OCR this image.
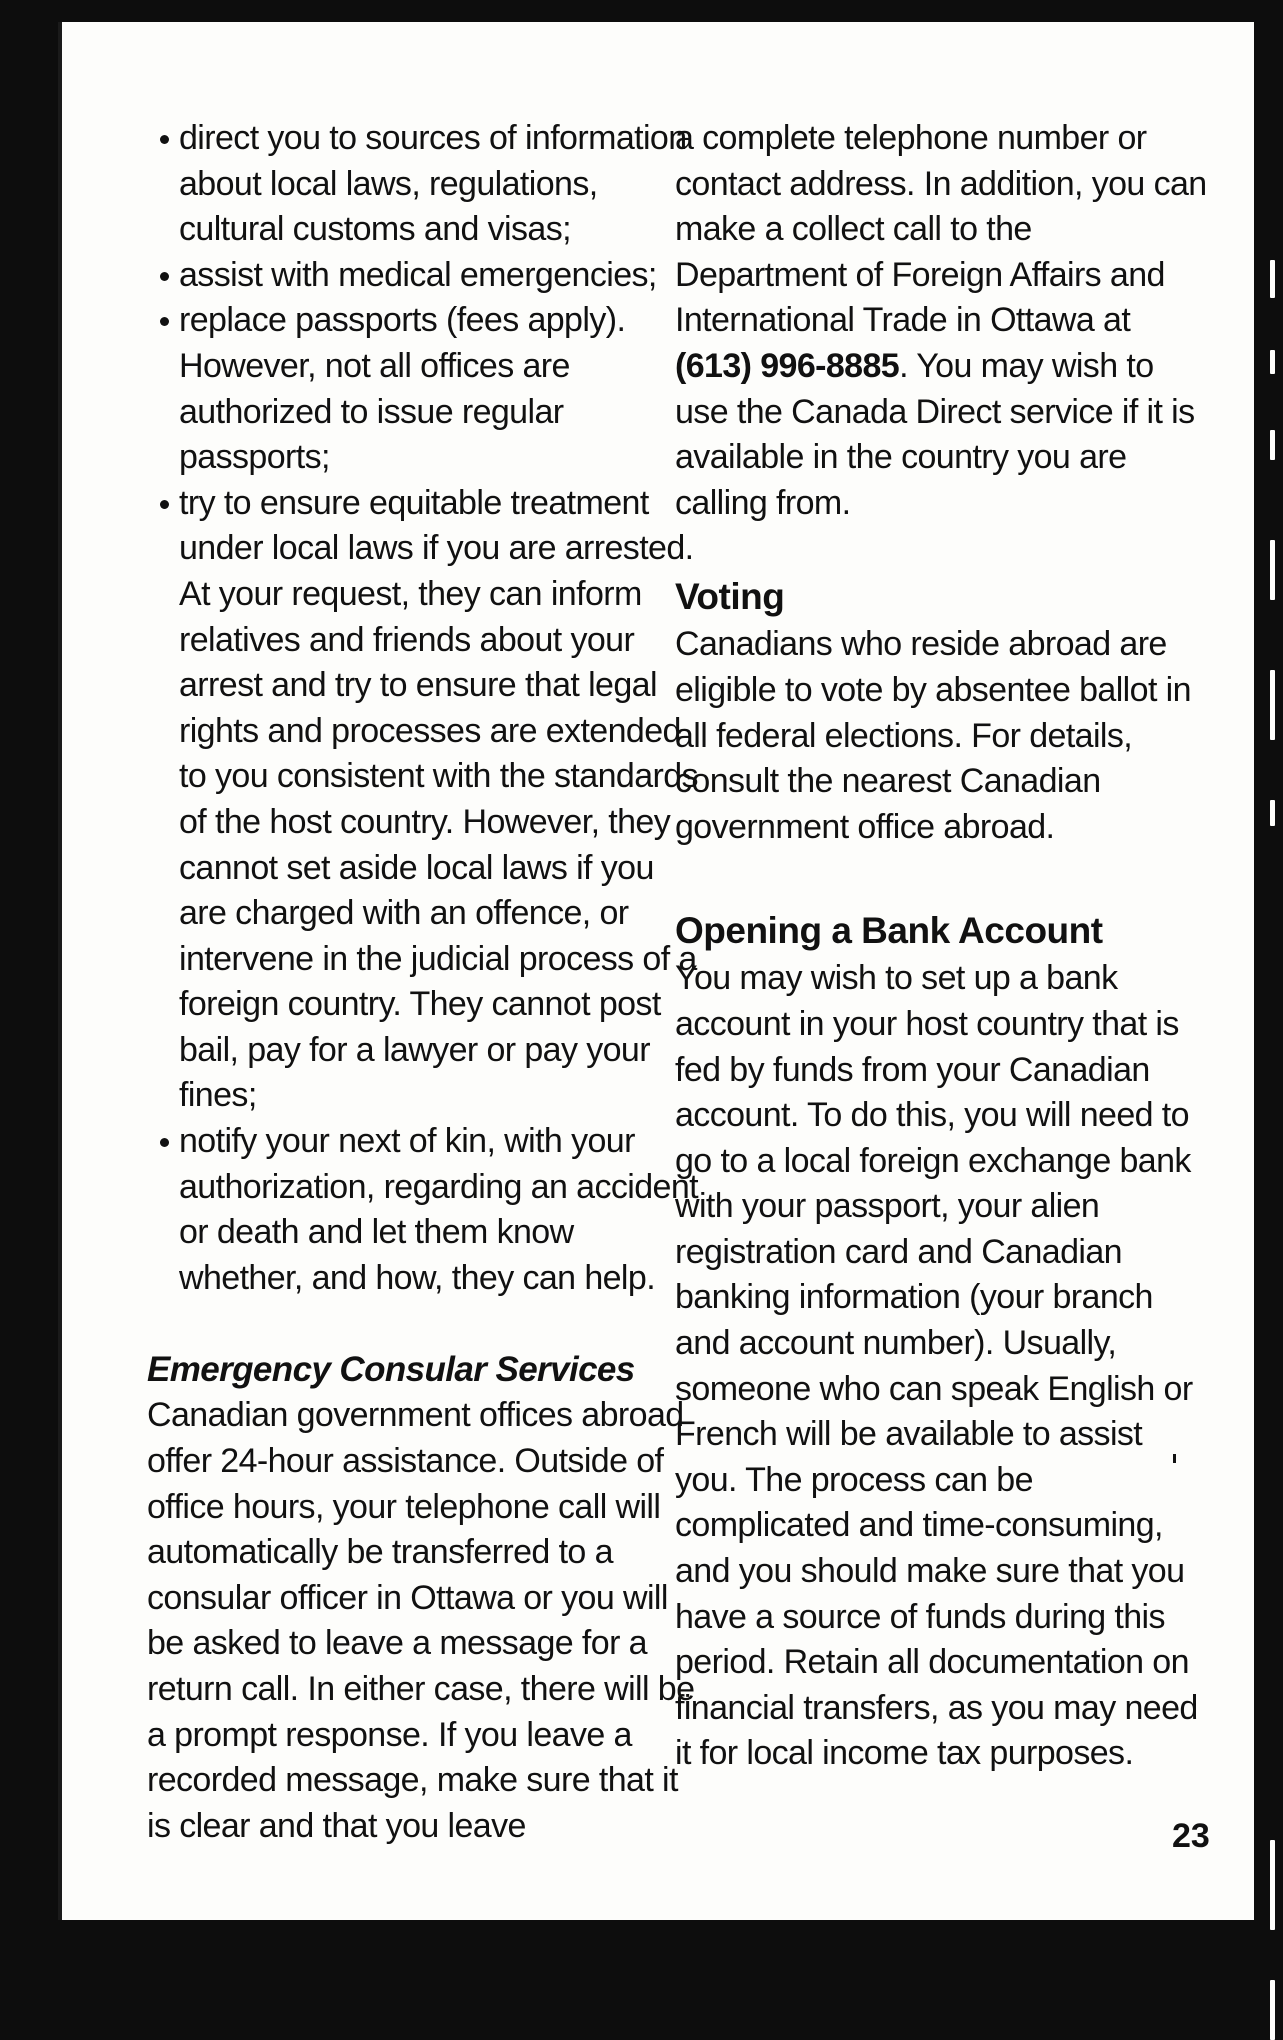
direct you to sources of information about local laws, regulations, cultural customs and visas;
assist with medical emergencies;
replace passports (fees apply). However, not all offices are authorized to issue regular passports;
try to ensure equitable treatment under local laws if you are arrested. At your request, they can inform relatives and friends about your arrest and try to ensure that legal rights and processes are extended to you consistent with the standards of the host country. However, they cannot set aside local laws if you are charged with an offence, or intervene in the judicial process of a foreign country. They cannot post bail, pay for a lawyer or pay your fines;
notify your next of kin, with your authorization, regarding an accident or death and let them know whether, and how, they can help.
Emergency Consular Services

Canadian government offices abroad offer 24-hour assistance. Outside of office hours, your telephone call will automatically be transferred to a consular officer in Ottawa or you will be asked to leave a message for a return call. In either case, there will be a prompt response. If you leave a recorded message, make sure that it is clear and that you leave

a complete telephone number or contact address. In addition, you can make a collect call to the Department of Foreign Affairs and International Trade in Ottawa at (613) 996-8885. You may wish to use the Canada Direct service if it is available in the country you are calling from.

Voting

Canadians who reside abroad are eligible to vote by absentee ballot in all federal elections. For details, consult the nearest Canadian government office abroad.

Opening a Bank Account

You may wish to set up a bank account in your host country that is fed by funds from your Canadian account. To do this, you will need to go to a local foreign exchange bank with your passport, your alien registration card and Canadian banking information (your branch and account number). Usually, someone who can speak English or French will be available to assist you. The process can be complicated and time-consuming, and you should make sure that you have a source of funds during this period. Retain all documentation on financial transfers, as you may need it for local income tax purposes.

23
